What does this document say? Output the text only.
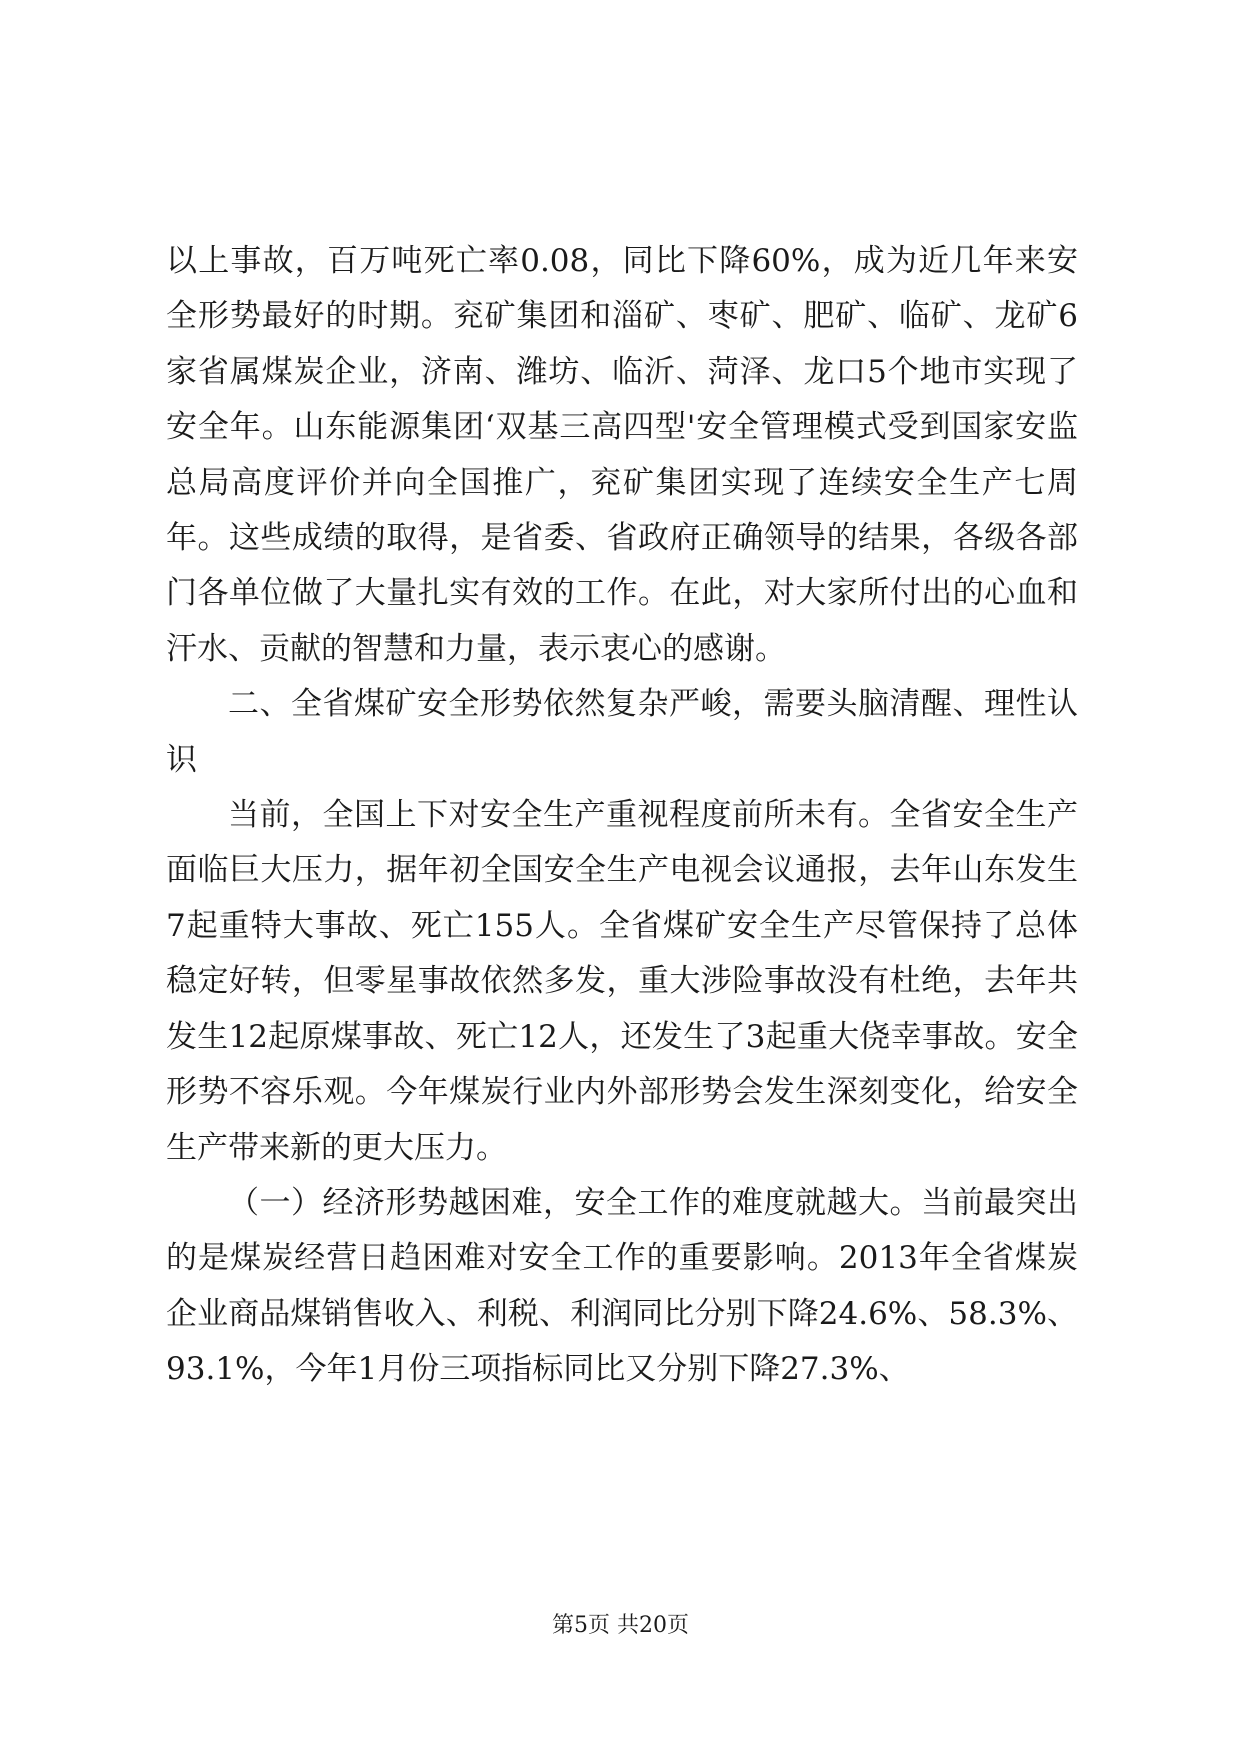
以上事故，百万吨死亡率0.08，同比下降60%，成为近几年来安全形势最好的时期。兖矿集团和淄矿、枣矿、肥矿、临矿、龙矿6家省属煤炭企业，济南、潍坊、临沂、菏泽、龙口5个地市实现了安全年。山东能源集团‘双基三高四型'安全管理模式受到国家安监总局高度评价并向全国推广，兖矿集团实现了连续安全生产七周年。这些成绩的取得，是省委、省政府正确领导的结果，各级各部门各单位做了大量扎实有效的工作。在此，对大家所付出的心血和汗水、贡献的智慧和力量，表示衷心的感谢。

二、全省煤矿安全形势依然复杂严峻，需要头脑清醒、理性认识

当前，全国上下对安全生产重视程度前所未有。全省安全生产面临巨大压力，据年初全国安全生产电视会议通报，去年山东发生7起重特大事故、死亡155人。全省煤矿安全生产尽管保持了总体稳定好转，但零星事故依然多发，重大涉险事故没有杜绝，去年共发生12起原煤事故、死亡12人，还发生了3起重大侥幸事故。安全形势不容乐观。今年煤炭行业内外部形势会发生深刻变化，给安全生产带来新的更大压力。

（一）经济形势越困难，安全工作的难度就越大。当前最突出的是煤炭经营日趋困难对安全工作的重要影响。2013年全省煤炭企业商品煤销售收入、利税、利润同比分别下降24.6%、58.3%、93.1%，今年1月份三项指标同比又分别下降27.3%、

第5页 共20页
